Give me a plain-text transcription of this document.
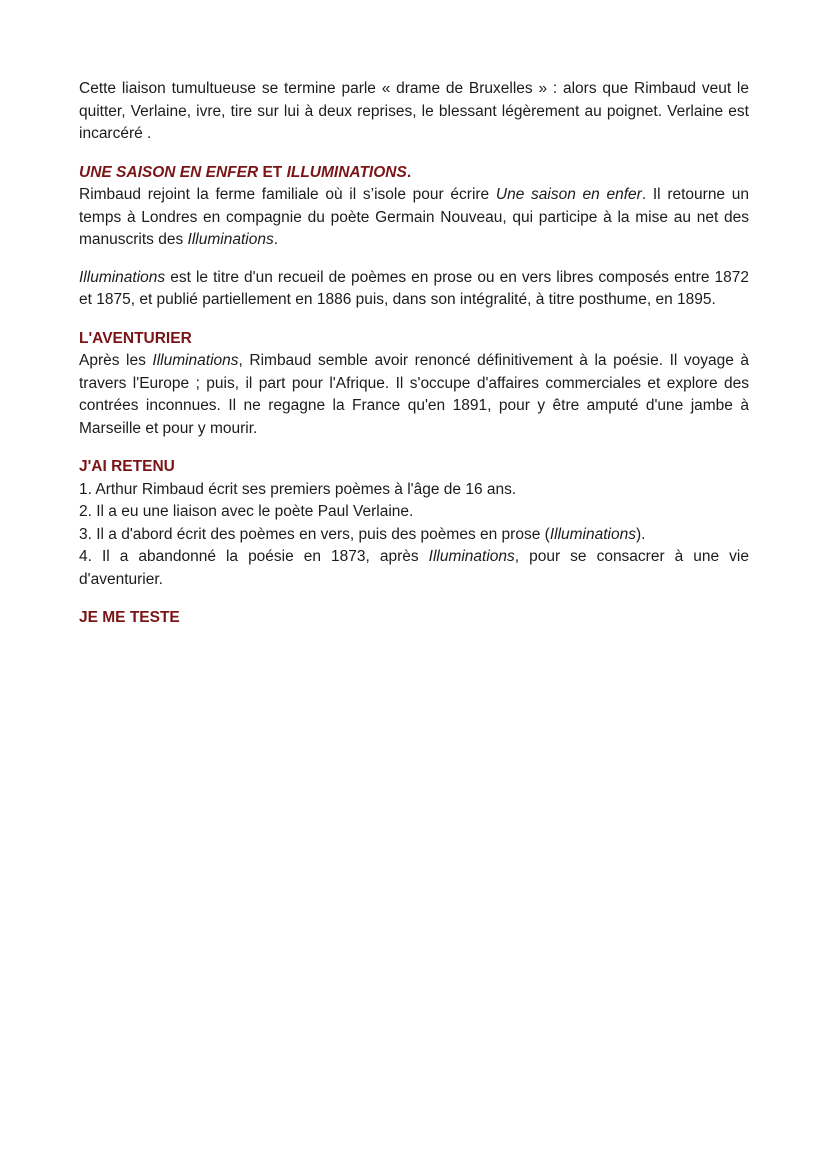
Cette liaison tumultueuse se termine parle « drame de Bruxelles » : alors que Rimbaud veut le quitter, Verlaine, ivre, tire sur lui à deux reprises, le blessant légèrement au poignet. Verlaine est incarcéré .

UNE SAISON EN ENFER ET ILLUMINATIONS.

Rimbaud rejoint la ferme familiale où il s’isole pour écrire Une saison en enfer. Il retourne un temps à Londres en compagnie du poète Germain Nouveau, qui participe à la mise au net des manuscrits des Illuminations.

Illuminations est le titre d'un recueil de poèmes en prose ou en vers libres composés entre 1872 et 1875, et publié partiellement en 1886 puis, dans son intégralité, à titre posthume, en 1895.

L'AVENTURIER

Après les Illuminations, Rimbaud semble avoir renoncé définitivement à la poésie. Il voyage à travers l'Europe ; puis, il part pour l'Afrique. Il s'occupe d'affaires commerciales et explore des contrées inconnues. Il ne regagne la France qu'en 1891, pour y être amputé d'une jambe à Marseille et pour y mourir.

J'AI RETENU

1. Arthur Rimbaud écrit ses premiers poèmes à l'âge de 16 ans.

2. Il a eu une liaison avec le poète Paul Verlaine.

3. Il a d'abord écrit des poèmes en vers, puis des poèmes en prose (Illuminations).

4. Il a abandonné la poésie en 1873, après Illuminations, pour se consacrer à une vie d'aventurier.

JE ME TESTE
